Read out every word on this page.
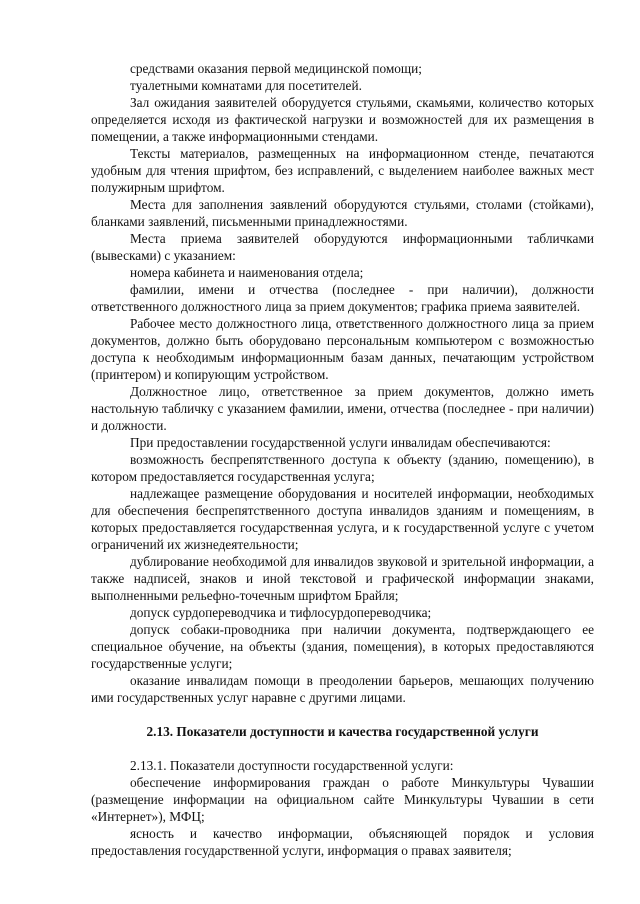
средствами оказания первой медицинской помощи;

туалетными комнатами для посетителей.

Зал ожидания заявителей оборудуется стульями, скамьями, количество которых определяется исходя из фактической нагрузки и возможностей для их размещения в помещении, а также информационными стендами.

Тексты материалов, размещенных на информационном стенде, печатаются удобным для чтения шрифтом, без исправлений, с выделением наиболее важных мест полужирным шрифтом.

Места для заполнения заявлений оборудуются стульями, столами (стойками), бланками заявлений, письменными принадлежностями.

Места приема заявителей оборудуются информационными табличками (вывесками) с указанием:

номера кабинета и наименования отдела;

фамилии, имени и отчества (последнее - при наличии), должности ответственного должностного лица за прием документов; графика приема заявителей.

Рабочее место должностного лица, ответственного должностного лица за прием документов, должно быть оборудовано персональным компьютером с возможностью доступа к необходимым информационным базам данных, печатающим устройством (принтером) и копирующим устройством.

Должностное лицо, ответственное за прием документов, должно иметь настольную табличку с указанием фамилии, имени, отчества (последнее - при наличии) и должности.

При предоставлении государственной услуги инвалидам обеспечиваются:

возможность беспрепятственного доступа к объекту (зданию, помещению), в котором предоставляется государственная услуга;

надлежащее размещение оборудования и носителей информации, необходимых для обеспечения беспрепятственного доступа инвалидов зданиям и помещениям, в которых предоставляется государственная услуга, и к государственной услуге с учетом ограничений их жизнедеятельности;

дублирование необходимой для инвалидов звуковой и зрительной информации, а также надписей, знаков и иной текстовой и графической информации знаками, выполненными рельефно-точечным шрифтом Брайля;

допуск сурдопереводчика и тифлосурдопереводчика;

допуск собаки-проводника при наличии документа, подтверждающего ее специальное обучение, на объекты (здания, помещения), в которых предоставляются государственные услуги;

оказание инвалидам помощи в преодолении барьеров, мешающих получению ими государственных услуг наравне с другими лицами.

2.13. Показатели доступности и качества государственной услуги

2.13.1. Показатели доступности государственной услуги:

обеспечение информирования граждан о работе Минкультуры Чувашии (размещение информации на официальном сайте Минкультуры Чувашии в сети «Интернет»), МФЦ;

ясность и качество информации, объясняющей порядок и условия предоставления государственной услуги, информация о правах заявителя;
